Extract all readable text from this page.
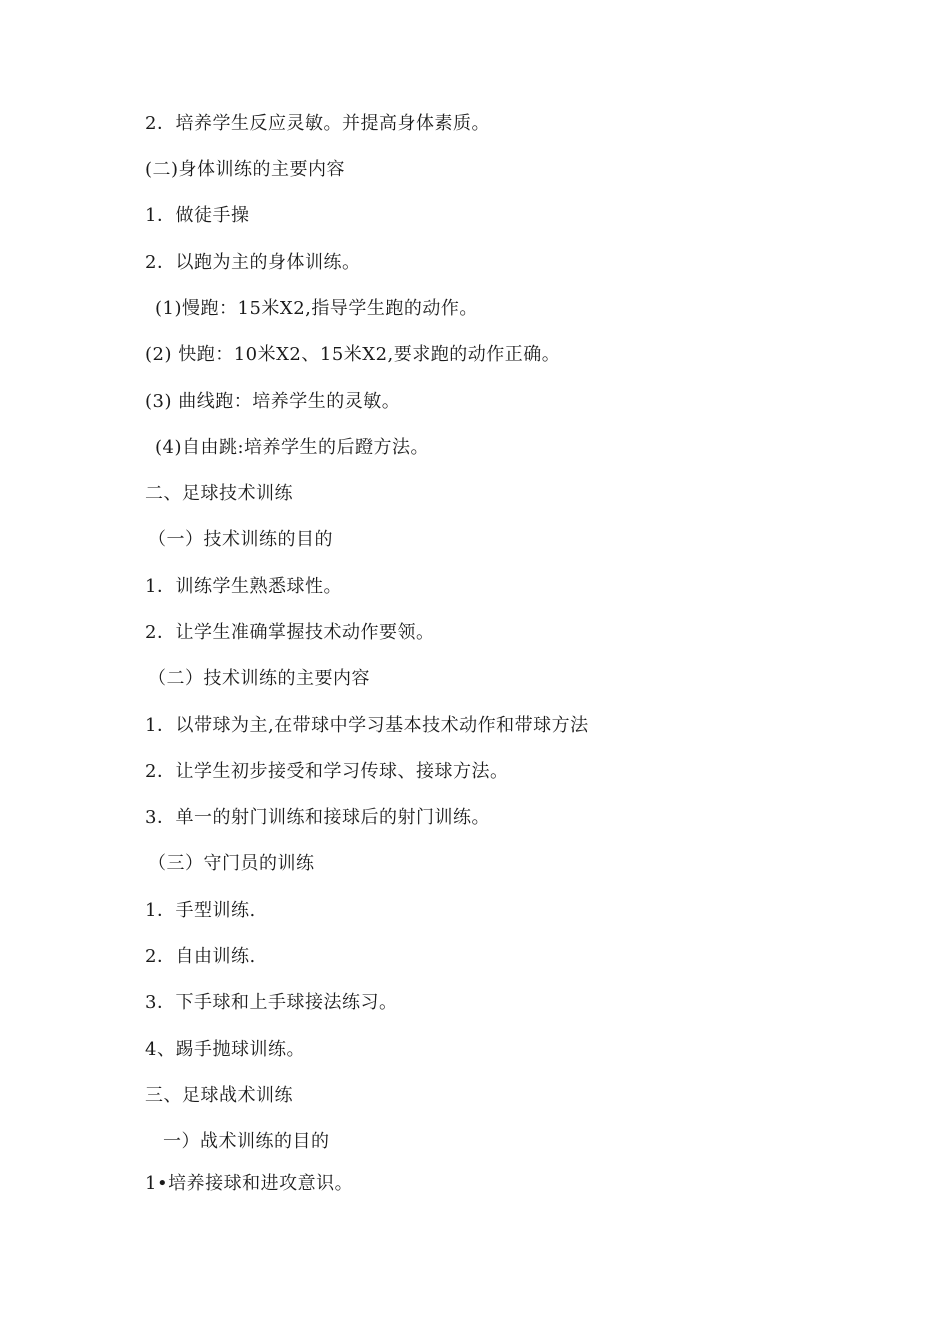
2．培养学生反应灵敏。并提高身体素质。
(二)身体训练的主要内容
1．做徒手操
2．以跑为主的身体训练。
(1)慢跑：15米X2,指导学生跑的动作。
(2) 快跑：10米X2、15米X2,要求跑的动作正确。
(3) 曲线跑：培养学生的灵敏。
(4)自由跳:培养学生的后蹬方法。
二、足球技术训练
（一）技术训练的目的
1．训练学生熟悉球性。
2．让学生准确掌握技术动作要领。
（二）技术训练的主要内容
1．以带球为主,在带球中学习基本技术动作和带球方法
2．让学生初步接受和学习传球、接球方法。
3．单一的射门训练和接球后的射门训练。
（三）守门员的训练
1．手型训练.
2．自由训练.
3．下手球和上手球接法练习。
4、踢手抛球训练。
三、足球战术训练
一）战术训练的目的
1•培养接球和进攻意识。
